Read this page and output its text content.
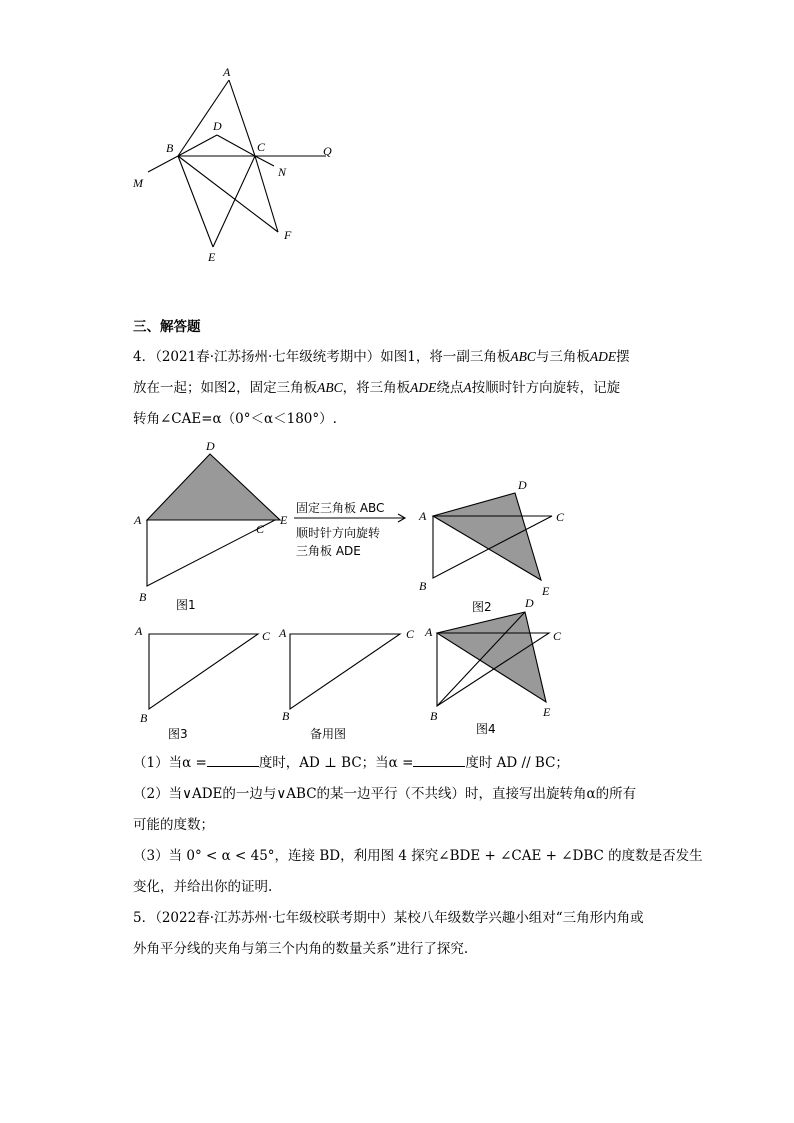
A
B	C
D
E
F
M
N
Q
D
A
C
E
B
图1
固定三角板 ABC
顺时针方向旋转
三角板 ADE
D
A	C
E
B
图2
A	C
B
图3
A	C
B
备用图
D
A	C
E
B
图4
三、解答题
4．（2021春·江苏扬州·七年级统考期中）如图1，将一副三角板ABC与三角板ADE摆
放在一起；如图2，固定三角板ABC，将三角板ADE绕点A按顺时针方向旋转，记旋
转角∠CAE=α（0°＜α＜180°）.
（1）当α =	度时，AD ⊥ BC；当α =	度时 AD // BC；
（2）当∨ADE的一边与∨ABC的某一边平行（不共线）时，直接写出旋转角α的所有
可能的度数；
（3）当 0° < α < 45°，连接 BD，利用图 4 探究∠BDE + ∠CAE + ∠DBC 的度数是否发生
变化，并给出你的证明.
5．（2022春·江苏苏州·七年级校联考期中）某校八年级数学兴趣小组对“三角形内角或
外角平分线的夹角与第三个内角的数量关系”进行了探究.
